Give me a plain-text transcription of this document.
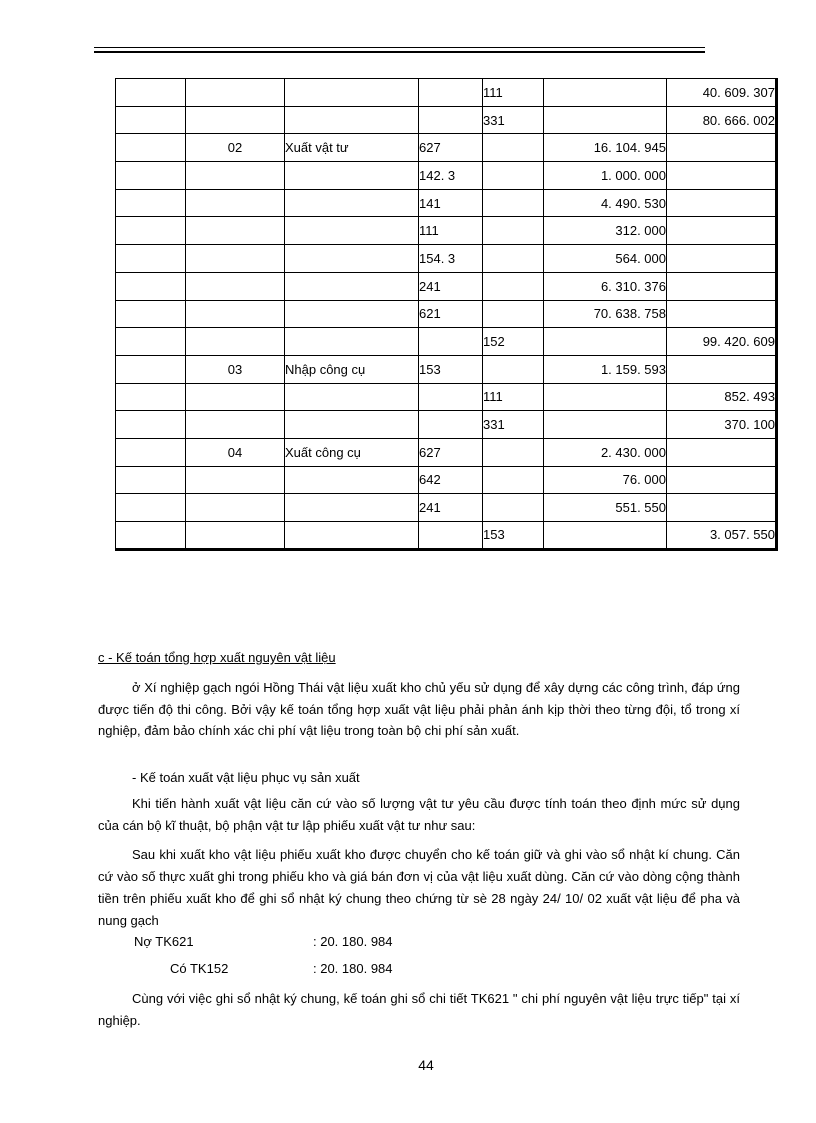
				111		40. 609. 307
				331		80. 666. 002
	02	Xuất vật tư	627		16. 104. 945	
			142. 3		1. 000. 000	
			141		4. 490. 530	
			111		312. 000	
			154. 3		564. 000	
			241		6. 310. 376	
			621		70. 638. 758	
				152		99. 420. 609
	03	Nhập công cụ	153		1. 159. 593	
				111		852. 493
				331		370. 100
	04	Xuất công cụ	627		2. 430. 000	
			642		76. 000	
			241		551. 550	
				153		3. 057. 550
c - Kế toán tổng hợp xuất nguyên vật liệu

ở Xí nghiệp gạch ngói Hồng Thái vật liệu xuất kho chủ yếu sử dụng để xây dựng các công trình, đáp ứng được tiến độ thi công. Bởi vậy kế toán tổng hợp xuất vật liệu phải phản ánh kịp thời theo từng đội, tổ trong xí nghiệp, đảm bảo chính xác chi phí vật liệu trong toàn bộ chi phí sản xuất.

- Kế toán xuất vật liệu phục vụ sản xuất

Khi tiến hành xuất vật liệu căn cứ vào số lượng vật tư yêu cầu được tính toán theo định mức sử dụng của cán bộ kĩ thuật, bộ phận vật tư lập phiếu xuất vật tư như sau:

Sau khi xuất kho vật liệu phiếu xuất kho được chuyển cho kế toán giữ và ghi vào sổ nhật kí chung. Căn cứ vào số thực xuất ghi trong phiếu kho và giá bán đơn vị của vật liệu xuất dùng. Căn cứ vào dòng cộng thành tiền trên phiếu xuất kho để ghi sổ nhật ký chung theo chứng từ sè 28 ngày 24/ 10/ 02 xuất vật liệu để pha và nung gạch

Nợ TK621	: 20. 180. 984
Có TK152	: 20. 180. 984

Cùng với việc ghi sổ nhật ký chung, kế toán ghi sổ chi tiết TK621 " chi phí nguyên vật liệu trực tiếp" tại xí nghiệp.

44
